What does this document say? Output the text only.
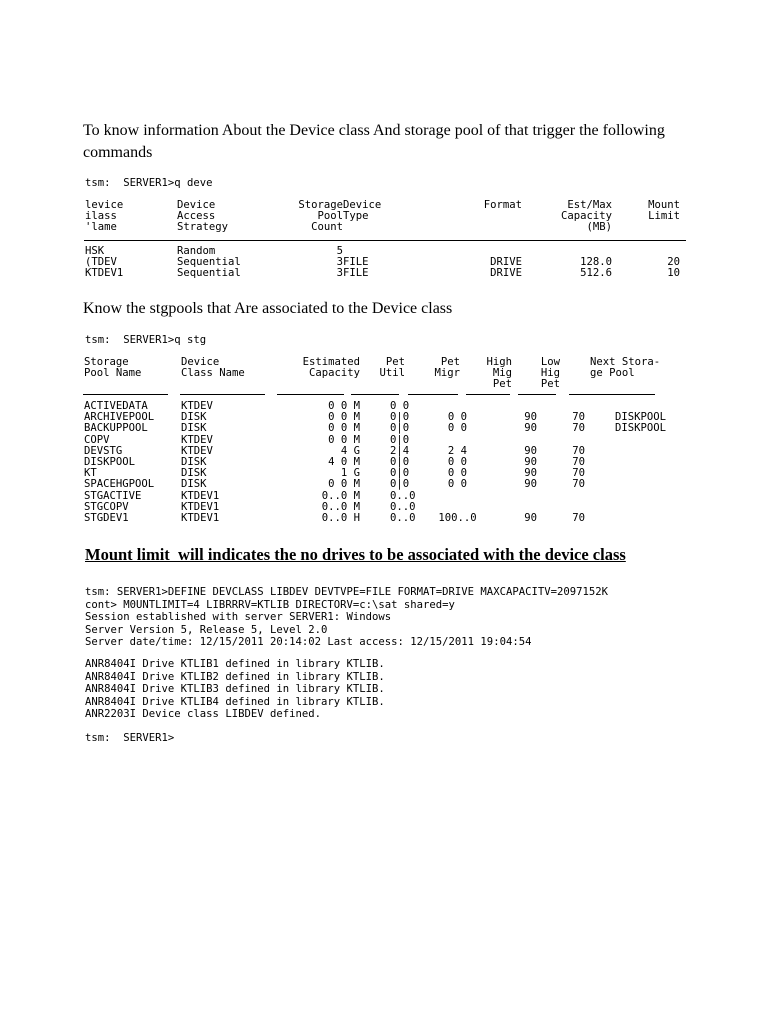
To know information About the Device class And storage pool of that trigger the following commands
tsm:  SERVER1>q deve
levice	Device	Storage	Device	Format	Est/Max	Mount
ilass	Access	Pool	Type		Capacity	Limit
'lame	Strategy	Count			(MB)	
HSK	Random	5				
(TDEV	Sequential	3	FILE	DRIVE	128.0	20
KTDEV1	Sequential	3	FILE	DRIVE	512.6	10
Know the stgpools that Are associated to the Device class
tsm:  SERVER1>q stg
Storage	Device	Estimated	Pet	Pet	High	Low	Next Stora-
Pool Name	Class Name	Capacity	Util	Migr	Mig	Hig	ge Pool
					Pet	Pet	
ACTIVEDATA	KTDEV	0 0 M	0 0				
ARCHIVEPOOL	DISK	0 0 M	0|0	0 0	90	70	DISKPOOL
BACKUPPOOL	DISK	0 0 M	0|0	0 0	90	70	DISKPOOL
COPV	KTDEV	0 0 M	0|0				
DEVSTG	KTDEV	4 G	2|4	2 4	90	70	
DISKPOOL	DISK	4 0 M	0|0	0 0	90	70	
KT	DISK	1 G	0|0	0 0	90	70	
SPACEHGPOOL	DISK	0 0 M	0|0	0 0	90	70	
STGACTIVE	KTDEV1	0..0 M	0..0				
STGCOPV	KTDEV1	0..0 M	0..0				
STGDEV1	KTDEV1	0..0 H	0..0	100..0	90	70	
Mount limit  will indicates the no drives to be associated with the device class
tsm: SERVER1>DEFINE DEVCLASS LIBDEV DEVTVPE=FILE FORMAT=DRIVE MAXCAPACITV=2097152K
cont> M0UNTLIMIT=4 LIBRRRV=KTLIB DIRECTORV=c:\sat shared=y
Session established with server SERVER1: Windows
Server Version 5, Release 5, Level 2.0
Server date/time: 12/15/2011 20:14:02 Last access: 12/15/2011 19:04:54
ANR8404I Drive KTLIB1 defined in library KTLIB.
ANR8404I Drive KTLIB2 defined in library KTLIB.
ANR8404I Drive KTLIB3 defined in library KTLIB.
ANR8404I Drive KTLIB4 defined in library KTLIB.
ANR2203I Device class LIBDEV defined.
tsm:  SERVER1>
